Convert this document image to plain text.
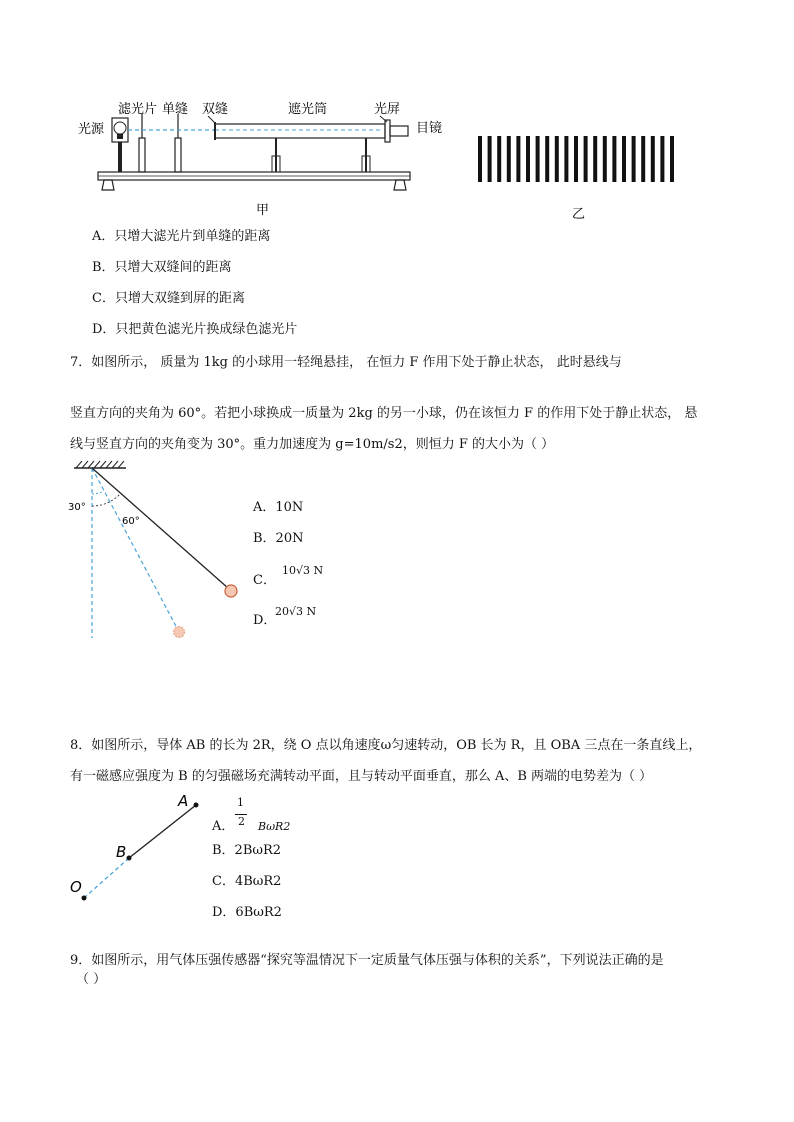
光源
滤光片 单缝 双缝	遮光筒	光屏
目镜
甲	乙
A．只增大滤光片到单缝的距离
B．只增大双缝间的距离
C．只增大双缝到屏的距离
D．只把黄色滤光片换成绿色滤光片
7．如图所示， 质量为 1kg 的小球用一轻绳悬挂， 在恒力 F 作用下处于静止状态， 此时悬线与
竖直方向的夹角为 60°。若把小球换成一质量为 2kg 的另一小球，仍在该恒力 F 的作用下处于静止状态， 悬
线与竖直方向的夹角变为 30°。重力加速度为 g=10m/s2，则恒力 F 的大小为（ ）
30°
60°
A．10N
B．20N
C．
10√3 N
D．
20√3 N
8．如图所示，导体 AB 的长为 2R，绕 O 点以角速度ω匀速转动，OB 长为 R，且 OBA 三点在一条直线上，
有一磁感应强度为 B 的匀强磁场充满转动平面，且与转动平面垂直，那么 A、B 两端的电势差为（ ）
A
B
O
A．
1
2 BωR2
B．2BωR2
C．4BωR2
D．6BωR2
9．如图所示，用气体压强传感器“探究等温情况下一定质量气体压强与体积的关系”，下列说法正确的是
（ ）
